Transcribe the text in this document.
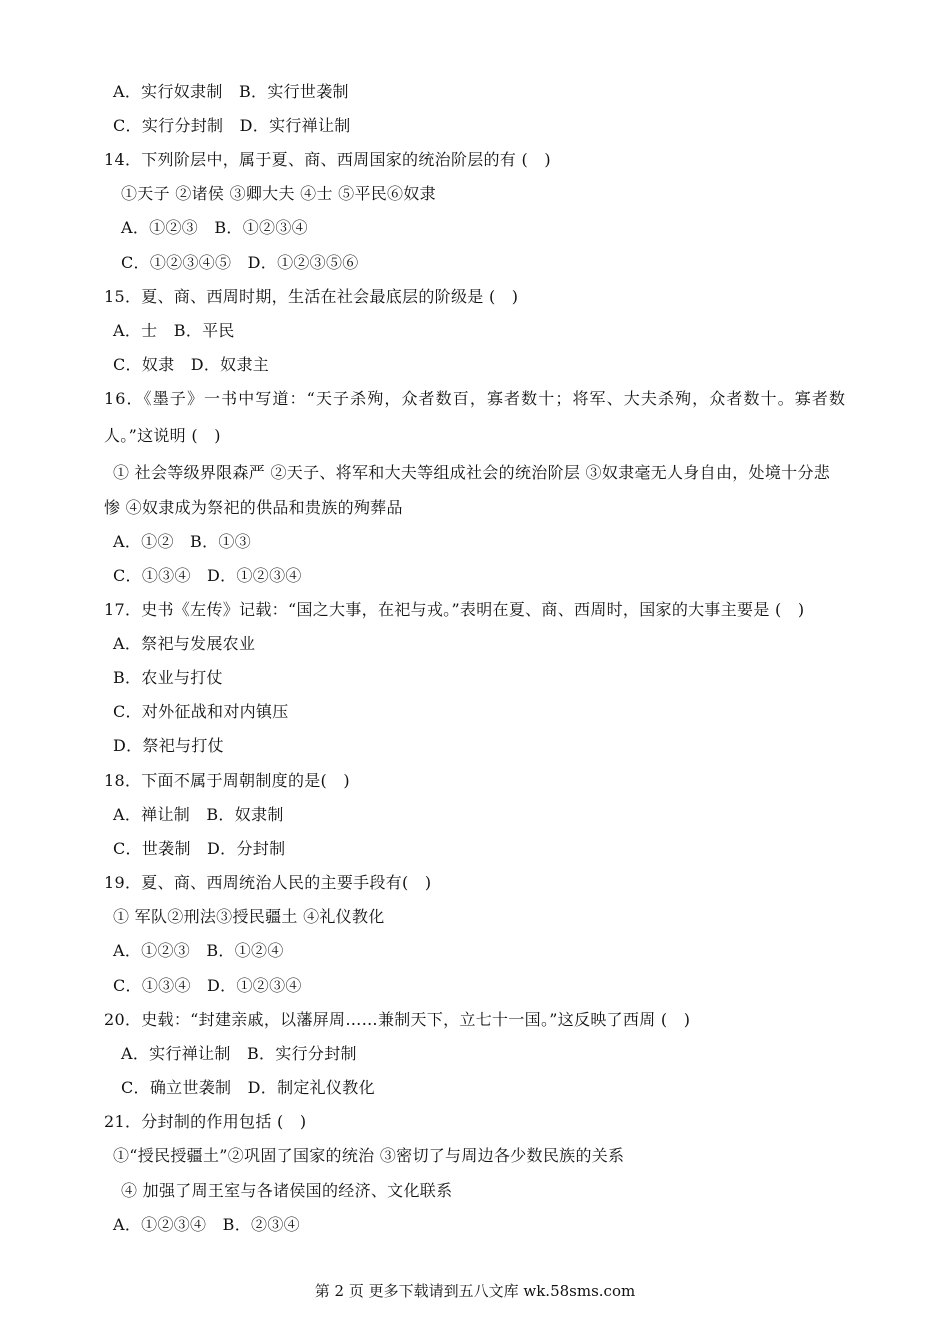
A．实行奴隶制　B．实行世袭制
C．实行分封制　D．实行禅让制
14．下列阶层中，属于夏、商、西周国家的统治阶层的有 (　)
①天子 ②诸侯 ③卿大夫 ④士 ⑤平民⑥奴隶
A．①②③　B．①②③④
C．①②③④⑤　D．①②③⑤⑥
15．夏、商、西周时期，生活在社会最底层的阶级是 (　)
A．士　B．平民
C．奴隶　D．奴隶主
16．《墨子》一书中写道：“天子杀殉，众者数百，寡者数十；将军、大夫杀殉，众者数十。寡者数
人。”这说明 (　)
① 社会等级界限森严 ②天子、将军和大夫等组成社会的统治阶层 ③奴隶毫无人身自由，处境十分悲
惨 ④奴隶成为祭祀的供品和贵族的殉葬品
A．①②　B．①③
C．①③④　D．①②③④
17．史书《左传》记载：“国之大事，在祀与戎。”表明在夏、商、西周时，国家的大事主要是 (　)
A．祭祀与发展农业
B．农业与打仗
C．对外征战和对内镇压
D．祭祀与打仗
18．下面不属于周朝制度的是(　)
A．禅让制　B．奴隶制
C．世袭制　D．分封制
19．夏、商、西周统治人民的主要手段有(　)
① 军队②刑法③授民疆土 ④礼仪教化
A．①②③　B．①②④
C．①③④　D．①②③④
20．史载：“封建亲戚，以藩屏周……兼制天下，立七十一国。”这反映了西周 (　)
A．实行禅让制　B．实行分封制
C．确立世袭制　D．制定礼仪教化
21．分封制的作用包括 (　)
①“授民授疆土”②巩固了国家的统治 ③密切了与周边各少数民族的关系
④ 加强了周王室与各诸侯国的经济、文化联系
A．①②③④　B．②③④
第 2 页 更多下载请到五八文库 wk.58sms.com
